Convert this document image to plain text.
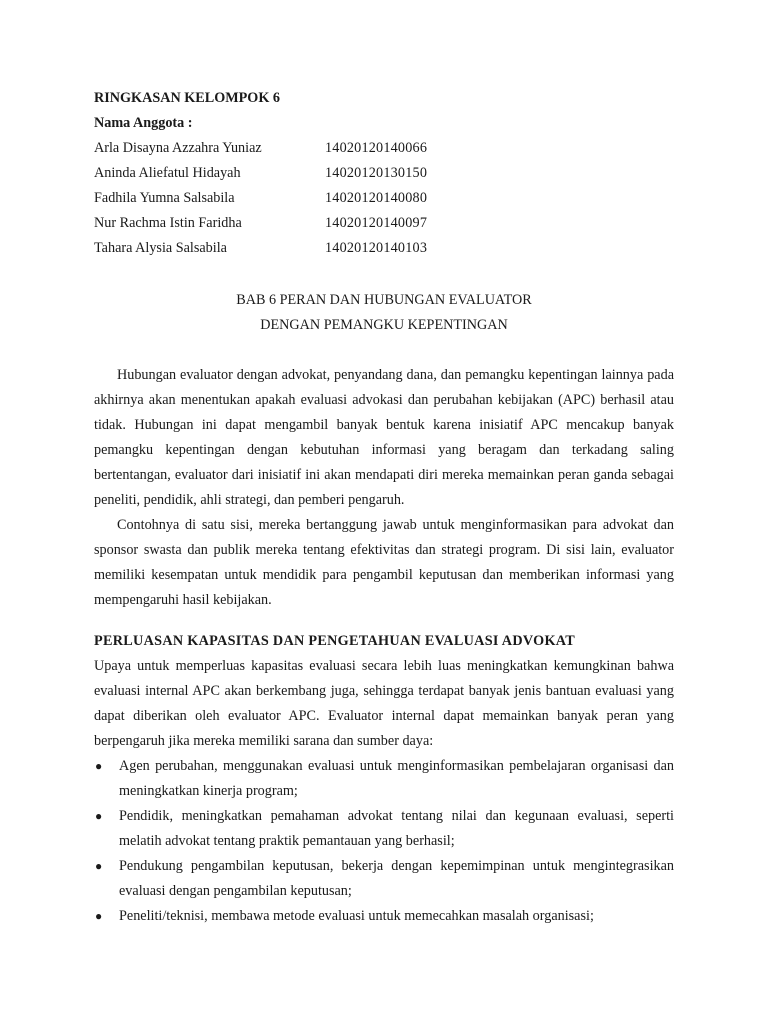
RINGKASAN KELOMPOK 6

Nama Anggota :

Arla Disayna Azzahra Yuniaz	14020120140066
Aninda Aliefatul Hidayah	14020120130150
Fadhila Yumna Salsabila	14020120140080
Nur Rachma Istin Faridha	14020120140097
Tahara Alysia Salsabila	14020120140103
BAB 6 PERAN DAN HUBUNGAN EVALUATOR
DENGAN PEMANGKU KEPENTINGAN

Hubungan evaluator dengan advokat, penyandang dana, dan pemangku kepentingan lainnya pada akhirnya akan menentukan apakah evaluasi advokasi dan perubahan kebijakan (APC) berhasil atau tidak. Hubungan ini dapat mengambil banyak bentuk karena inisiatif APC mencakup banyak pemangku kepentingan dengan kebutuhan informasi yang beragam dan terkadang saling bertentangan, evaluator dari inisiatif ini akan mendapati diri mereka memainkan peran ganda sebagai peneliti, pendidik, ahli strategi, dan pemberi pengaruh.

Contohnya di satu sisi, mereka bertanggung jawab untuk menginformasikan para advokat dan sponsor swasta dan publik mereka tentang efektivitas dan strategi program. Di sisi lain, evaluator memiliki kesempatan untuk mendidik para pengambil keputusan dan memberikan informasi yang mempengaruhi hasil kebijakan.

PERLUASAN KAPASITAS DAN PENGETAHUAN EVALUASI ADVOKAT

Upaya untuk memperluas kapasitas evaluasi secara lebih luas meningkatkan kemungkinan bahwa evaluasi internal APC akan berkembang juga, sehingga terdapat banyak jenis bantuan evaluasi yang dapat diberikan oleh evaluator APC. Evaluator internal dapat memainkan banyak peran yang berpengaruh jika mereka memiliki sarana dan sumber daya:

●	Agen perubahan, menggunakan evaluasi untuk menginformasikan pembelajaran organisasi dan meningkatkan kinerja program;
●	Pendidik, meningkatkan pemahaman advokat tentang nilai dan kegunaan evaluasi, seperti melatih advokat tentang praktik pemantauan yang berhasil;
●	Pendukung pengambilan keputusan, bekerja dengan kepemimpinan untuk mengintegrasikan evaluasi dengan pengambilan keputusan;
●	Peneliti/teknisi, membawa metode evaluasi untuk memecahkan masalah organisasi;
